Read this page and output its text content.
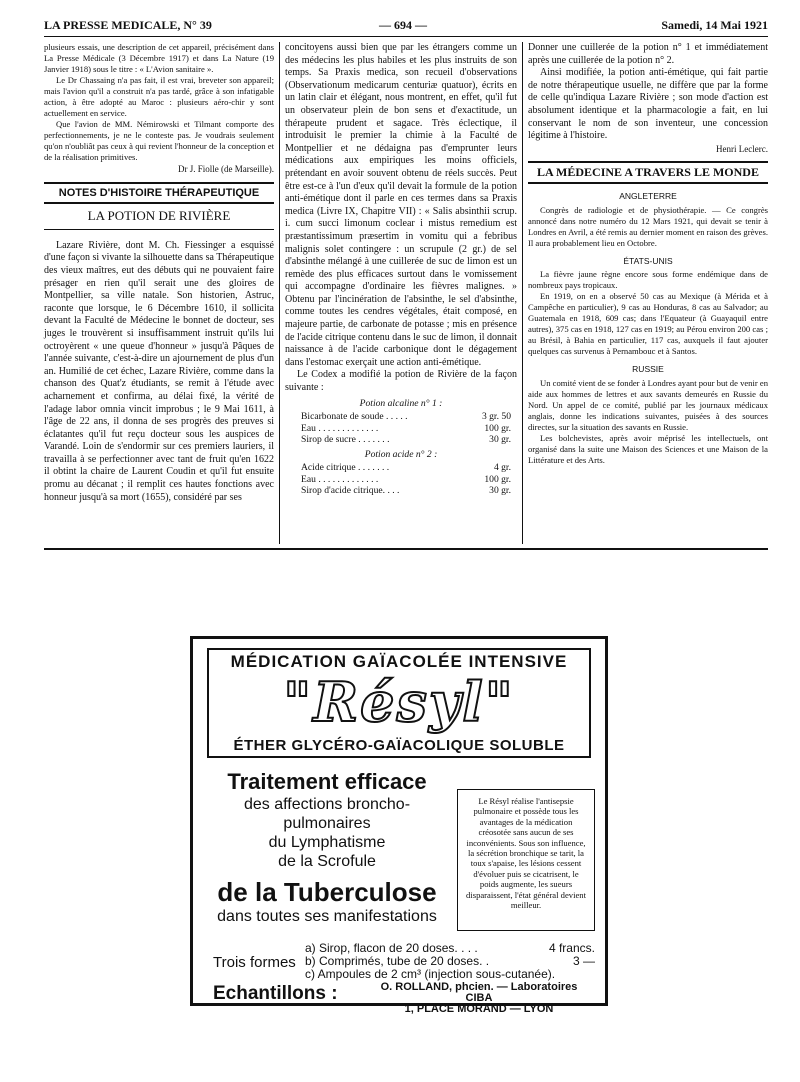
LA PRESSE MEDICALE, N° 39	— 694 —	Samedi, 14 Mai 1921

plusieurs essais, une description de cet appareil, précisément dans La Presse Médicale (3 Décembre 1917) et dans La Nature (19 Janvier 1918) sous le titre : « L'Avion sanitaire ».

Le Dr Chassaing n'a pas fait, il est vrai, breveter son appareil; mais l'avion qu'il a construit n'a pas tardé, grâce à son infatigable action, à être adopté au Maroc : plusieurs aéro-chir y sont actuellement en service.

Que l'avion de MM. Némirowski et Tilmant comporte des perfectionnements, je ne le conteste pas. Je voudrais seulement qu'on n'oubliât pas ceux à qui revient l'honneur de la conception et de la réalisation primitives.

Dr J. Fiolle (de Marseille).
NOTES D'HISTOIRE THÉRAPEUTIQUE
LA POTION DE RIVIÈRE

Lazare Rivière, dont M. Ch. Fiessinger a esquissé d'une façon si vivante la silhouette dans sa Thérapeutique des vieux maîtres, eut des débuts qui ne pouvaient faire présager en rien qu'il serait une des gloires de Montpellier, sa ville natale. Son historien, Astruc, raconte que lorsque, le 6 Décembre 1610, il sollicita devant la Faculté de Médecine le bonnet de docteur, ses juges le trouvèrent si insuffisamment instruit qu'ils lui octroyèrent « une queue d'honneur » jusqu'à Pâques de l'année suivante, c'est-à-dire un ajournement de plus d'un an. Humilié de cet échec, Lazare Rivière, comme dans la chanson des Quat'z étudiants, se remit à l'étude avec acharnement et confirma, au délai fixé, la vérité de l'adage labor omnia vincit improbus ; le 9 Mai 1611, à l'âge de 22 ans, il donna de ses progrès des preuves si éclatantes qu'il fut reçu docteur sous les auspices de Varandé. Loin de s'endormir sur ces premiers lauriers, il travailla à se perfectionner avec tant de fruit qu'en 1622 il obtint la chaire de Laurent Coudin et qu'il fut ensuite promu au décanat ; il remplit ces hautes fonctions avec honneur jusqu'à sa mort (1655), considéré par ses

concitoyens aussi bien que par les étrangers comme un des médecins les plus habiles et les plus instruits de son temps. Sa Praxis medica, son recueil d'observations (Observationum medicarum centuriæ quatuor), écrits en un latin clair et élégant, nous montrent, en effet, qu'il fut un observateur plein de bon sens et d'exactitude, un thérapeute prudent et sagace. Très éclectique, il introduisit le premier la chimie à la Faculté de Montpellier et ne dédaigna pas d'emprunter leurs médications aux empiriques les moins officiels, prétendant en avoir souvent obtenu de réels succès. Peut être est-ce à l'un d'eux qu'il devait la formule de la potion anti-émétique dont il parle en ces termes dans sa Praxis medica (Livre IX, Chapitre VII) : « Salis absinthii scrup. i. cum succi limonum coclear i mistus remedium est præstantissimum præsertim in vomitu qui a febribus malignis solet contingere : un scrupule (2 gr.) de sel d'absinthe mélangé à une cuillerée de suc de limon est un remède des plus efficaces surtout dans le vomissement qui accompagne d'ordinaire les fièvres malignes. » Obtenu par l'incinération de l'absinthe, le sel d'absinthe, comme toutes les cendres végétales, était composé, en majeure partie, de carbonate de potasse ; mis en présence de l'acide citrique contenu dans le suc de limon, il donnait naissance à de l'acide carbonique dont le dégagement dans l'estomac exerçait une action anti-émétique.

Le Codex a modifié la potion de Rivière de la façon suivante :

Potion alcaline n° 1 :
Bicarbonate de soude . . . . .	3 gr. 50
Eau . . . . . . . . . . . . .	100 gr.
Sirop de sucre . . . . . . .	30 gr.
Potion acide n° 2 :
Acide citrique . . . . . . .	4 gr.
Eau . . . . . . . . . . . . .	100 gr.
Sirop d'acide citrique. . . .	30 gr.

Donner une cuillerée de la potion n° 1 et immédiatement après une cuillerée de la potion n° 2.

Ainsi modifiée, la potion anti-émétique, qui fait partie de notre thérapeutique usuelle, ne diffère que par la forme de celle qu'indiqua Lazare Rivière ; son mode d'action est absolument identique et la pharmacologie a fait, en lui conservant le nom de son inventeur, une concession légitime à l'histoire.

Henri Leclerc.
LA MÉDECINE A TRAVERS LE MONDE
ANGLETERRE

Congrès de radiologie et de physiothérapie. — Ce congrès annoncé dans notre numéro du 12 Mars 1921, qui devait se tenir à Londres en Avril, a été remis au dernier moment en raison des grèves. Il aura probablement lieu en Octobre.

ÉTATS-UNIS

La fièvre jaune règne encore sous forme endémique dans de nombreux pays tropicaux.

En 1919, on en a observé 50 cas au Mexique (à Mérida et à Campêche en particulier), 9 cas au Honduras, 8 cas au Salvador; au Guatemala en 1918, 609 cas; dans l'Equateur (à Guayaquil entre autres), 375 cas en 1918, 127 cas en 1919; au Pérou environ 200 cas ; au Brésil, à Bahia en particulier, 117 cas, auxquels il faut ajouter quelques cas survenus à Pernambouc et à Santos.

RUSSIE

Un comité vient de se fonder à Londres ayant pour but de venir en aide aux hommes de lettres et aux savants demeurés en Russie du Nord. Un appel de ce comité, publié par les journaux médicaux anglais, donne les indications suivantes, puisées à des sources directes, sur la situation des savants en Russie.

Les bolchevistes, après avoir méprisé les intellectuels, ont organisé dans la suite une Maison des Sciences et une Maison de la Littérature et des Arts.

MÉDICATION GAÏACOLÉE INTENSIVE
"Résyl"
ÉTHER GLYCÉRO-GAÏACOLIQUE SOLUBLE
Traitement efficace
des affections broncho-pulmonaires
du Lymphatisme
de la Scrofule
de la Tuberculose
dans toutes ses manifestations
Le Résyl réalise l'antisepsie pulmonaire et possède tous les avantages de la médication créosotée sans aucun de ses inconvénients. Sous son influence, la sécrétion bronchique se tarit, la toux s'apaise, les lésions cessent d'évoluer puis se cicatrisent, le poids augmente, les sueurs disparaissent, l'état général devient meilleur.
Trois formes
a) Sirop, flacon de 20 doses. . . .	4 francs.
b) Comprimés, tube de 20 doses. .	3 —
c) Ampoules de 2 cm³ (injection sous-cutanée).
Echantillons :	O. ROLLAND, phcien. — Laboratoires CIBA
1, PLACE MORAND — LYON
